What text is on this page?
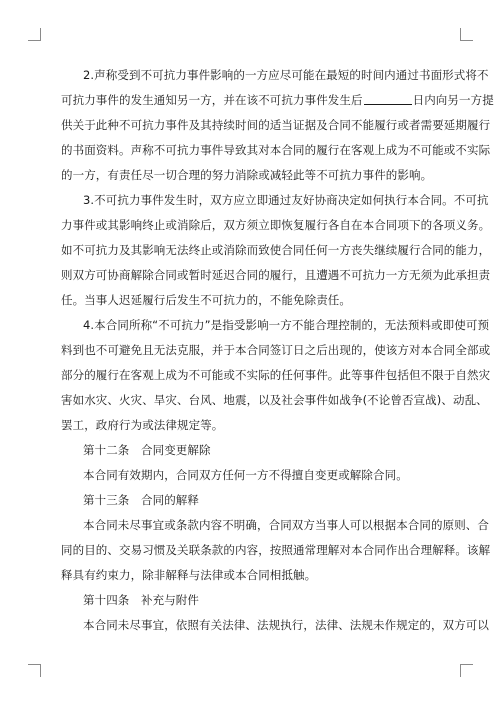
2.声称受到不可抗力事件影响的一方应尽可能在最短的时间内通过书面形式将不
可抗力事件的发生通知另一方，并在该不可抗力事件发生后	日内向另一方提
供关于此种不可抗力事件及其持续时间的适当证据及合同不能履行或者需要延期履行
的书面资料。声称不可抗力事件导致其对本合同的履行在客观上成为不可能或不实际
的一方，有责任尽一切合理的努力消除或减轻此等不可抗力事件的影响。
3.不可抗力事件发生时，双方应立即通过友好协商决定如何执行本合同。不可抗
力事件或其影响终止或消除后，双方须立即恢复履行各自在本合同项下的各项义务。
如不可抗力及其影响无法终止或消除而致使合同任何一方丧失继续履行合同的能力，
则双方可协商解除合同或暂时延迟合同的履行，且遭遇不可抗力一方无须为此承担责
任。当事人迟延履行后发生不可抗力的，不能免除责任。
4.本合同所称“不可抗力”是指受影响一方不能合理控制的，无法预料或即使可预
料到也不可避免且无法克服，并于本合同签订日之后出现的，使该方对本合同全部或
部分的履行在客观上成为不可能或不实际的任何事件。此等事件包括但不限于自然灾
害如水灾、火灾、旱灾、台风、地震，以及社会事件如战争(不论曾否宣战)、动乱、
罢工，政府行为或法律规定等。
第十二条　合同变更解除
本合同有效期内，合同双方任何一方不得擅自变更或解除合同。
第十三条　合同的解释
本合同未尽事宜或条款内容不明确，合同双方当事人可以根据本合同的原则、合
同的目的、交易习惯及关联条款的内容，按照通常理解对本合同作出合理解释。该解
释具有约束力，除非解释与法律或本合同相抵触。
第十四条　补充与附件
本合同未尽事宜，依照有关法律、法规执行，法律、法规未作规定的，双方可以
